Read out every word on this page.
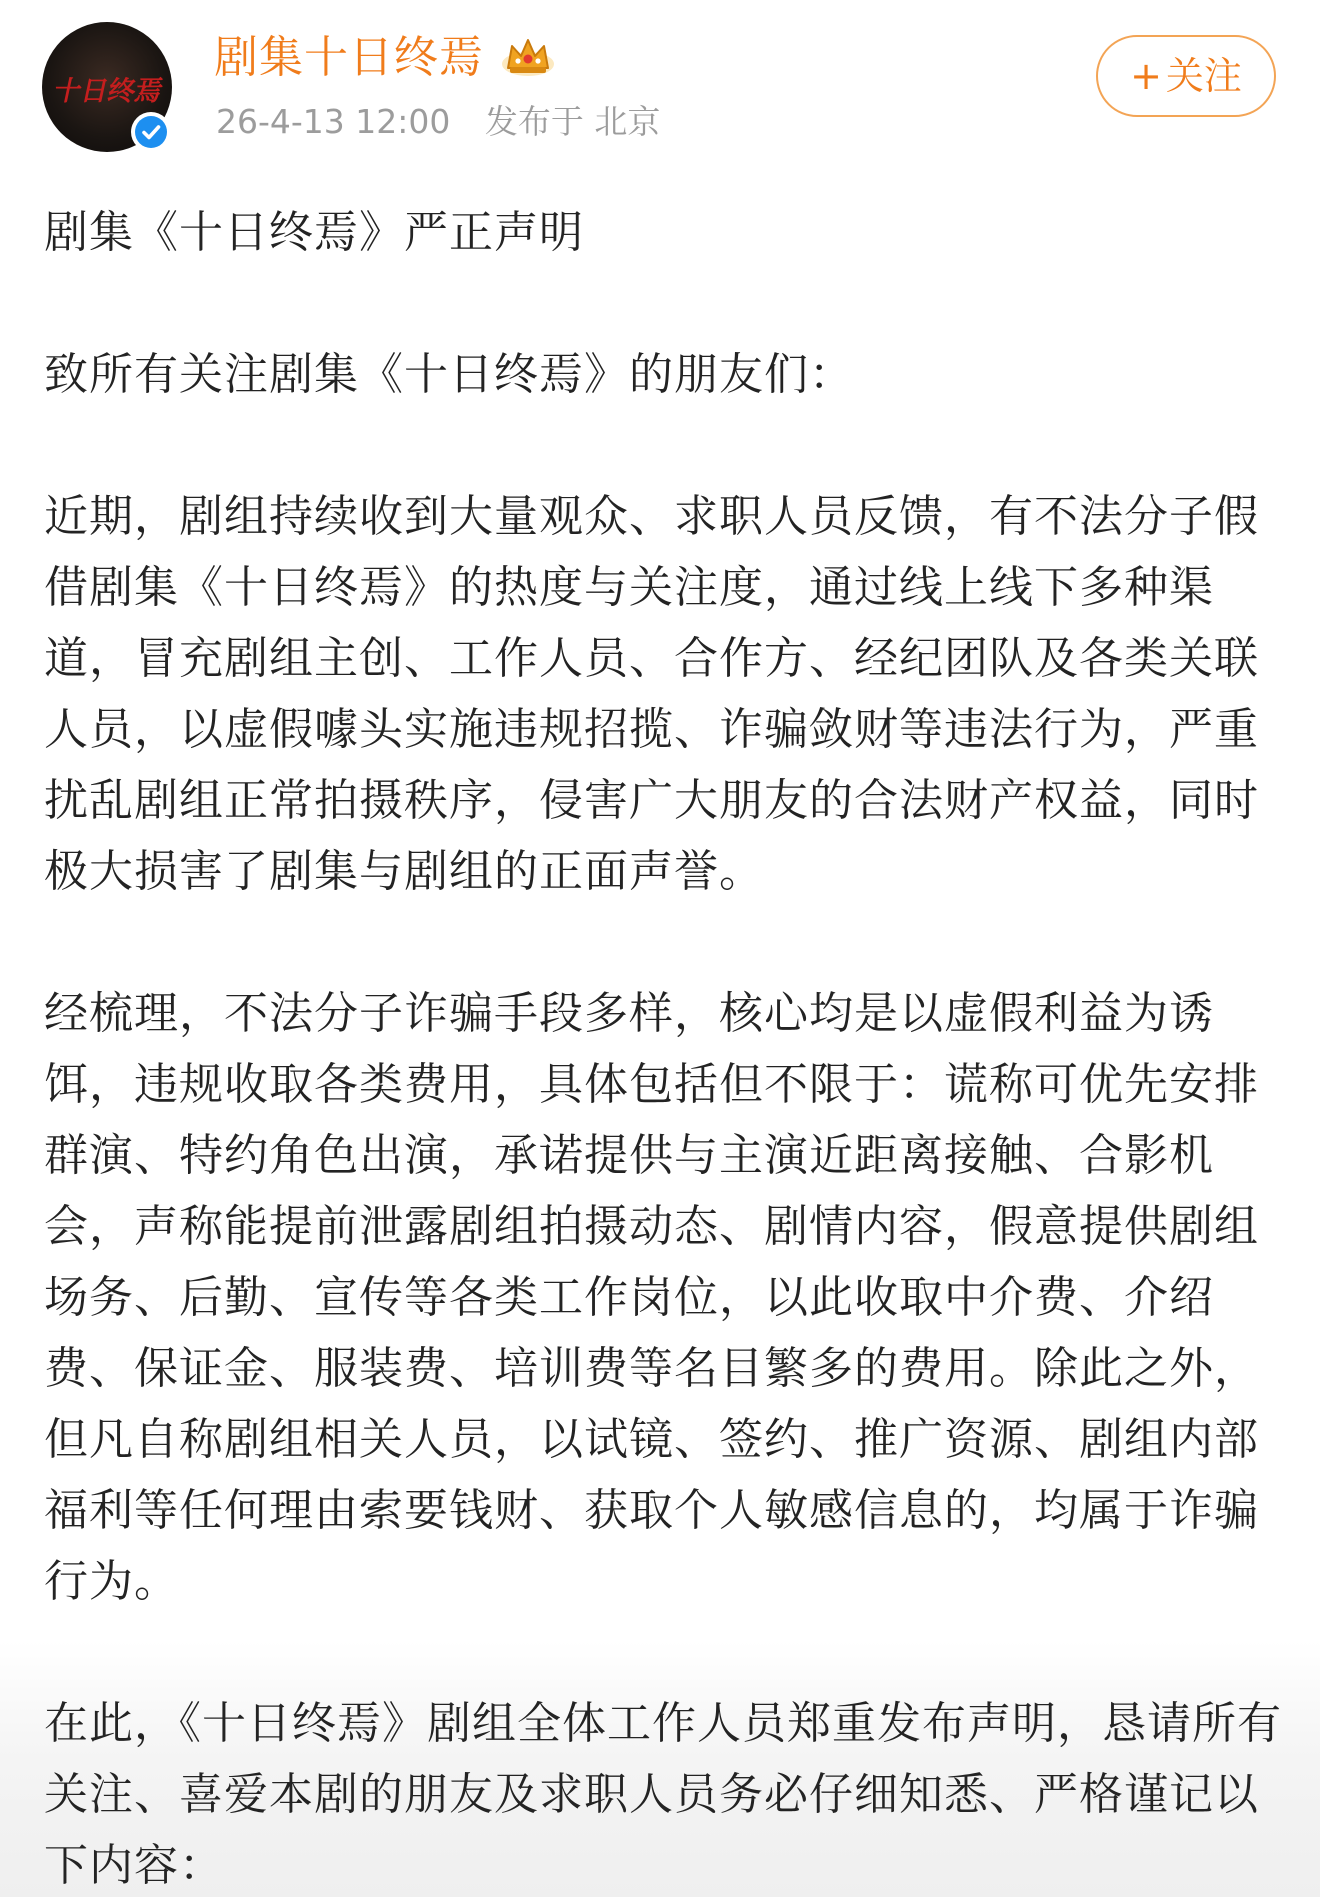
十日终焉
剧集十日终焉
26-4-13 12:00 发布于 北京
+ 关注

剧集《十日终焉》严正声明

致所有关注剧集《十日终焉》的朋友们：

近期，剧组持续收到大量观众、求职人员反馈，有不法分子假借剧集《十日终焉》的热度与关注度，通过线上线下多种渠道，冒充剧组主创、工作人员、合作方、经纪团队及各类关联人员，以虚假噱头实施违规招揽、诈骗敛财等违法行为，严重扰乱剧组正常拍摄秩序，侵害广大朋友的合法财产权益，同时极大损害了剧集与剧组的正面声誉。

经梳理，不法分子诈骗手段多样，核心均是以虚假利益为诱饵，违规收取各类费用，具体包括但不限于：谎称可优先安排群演、特约角色出演，承诺提供与主演近距离接触、合影机会，声称能提前泄露剧组拍摄动态、剧情内容，假意提供剧组场务、后勤、宣传等各类工作岗位，以此收取中介费、介绍费、保证金、服装费、培训费等名目繁多的费用。除此之外，但凡自称剧组相关人员，以试镜、签约、推广资源、剧组内部福利等任何理由索要钱财、获取个人敏感信息的，均属于诈骗行为。

在此，《十日终焉》剧组全体工作人员郑重发布声明，恳请所有关注、喜爱本剧的朋友及求职人员务必仔细知悉、严格谨记以下内容：
